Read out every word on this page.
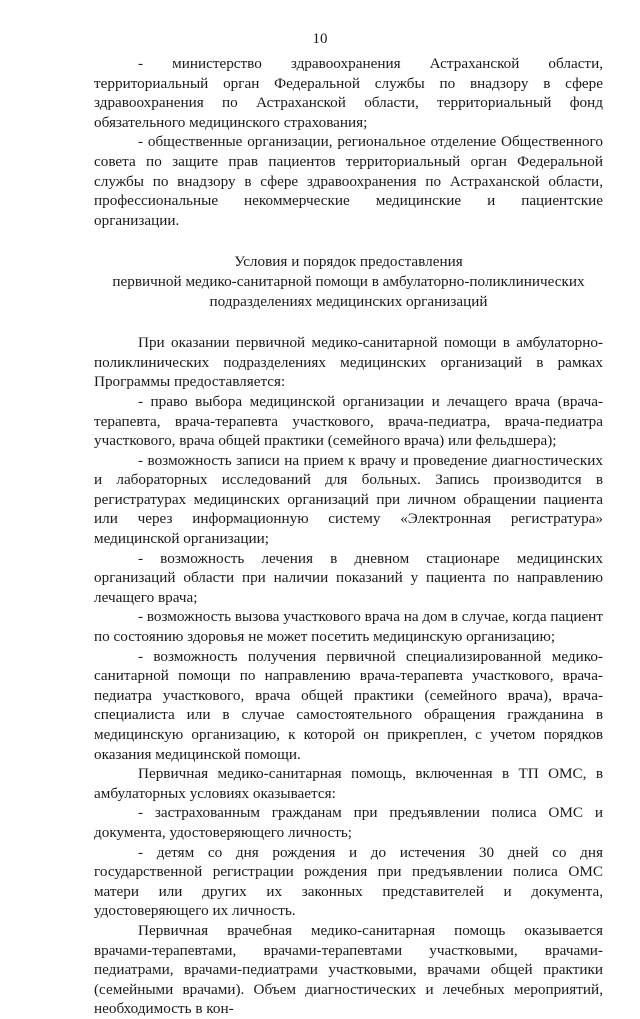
10

- министерство здравоохранения Астраханской области, территориальный орган Федеральной службы по внадзору в сфере здравоохранения по Астраханской области, территориальный фонд обязательного медицинского страхования;

- общественные организации, региональное отделение Общественного совета по защите прав пациентов территориальный орган Федеральной службы по внадзору в сфере здравоохранения по Астраханской области, профессиональные некоммерческие медицинские и пациентские организации.

Условия и порядок предоставления
первичной медико-санитарной помощи в амбулаторно-поликлинических
подразделениях медицинских организаций

При оказании первичной медико-санитарной помощи в амбулаторно-поликлинических подразделениях медицинских организаций в рамках Программы предоставляется:

- право выбора медицинской организации и лечащего врача (врача-терапевта, врача-терапевта участкового, врача-педиатра, врача-педиатра участкового, врача общей практики (семейного врача) или фельдшера);

- возможность записи на прием к врачу и проведение диагностических и лабораторных исследований для больных. Запись производится в регистратурах медицинских организаций при личном обращении пациента или через информационную систему «Электронная регистратура» медицинской организации;

- возможность лечения в дневном стационаре медицинских организаций области при наличии показаний у пациента по направлению лечащего врача;

- возможность вызова участкового врача на дом в случае, когда пациент по состоянию здоровья не может посетить медицинскую организацию;

- возможность получения первичной специализированной медико-санитарной помощи по направлению врача-терапевта участкового, врача-педиатра участкового, врача общей практики (семейного врача), врача-специалиста или в случае самостоятельного обращения гражданина в медицинскую организацию, к которой он прикреплен, с учетом порядков оказания медицинской помощи.

Первичная медико-санитарная помощь, включенная в ТП ОМС, в амбулаторных условиях оказывается:

- застрахованным гражданам при предъявлении полиса ОМС и документа, удостоверяющего личность;

- детям со дня рождения и до истечения 30 дней со дня государственной регистрации рождения при предъявлении полиса ОМС матери или других их законных представителей и документа, удостоверяющего их личность.

Первичная врачебная медико-санитарная помощь оказывается врачами-терапевтами, врачами-терапевтами участковыми, врачами-педиатрами, врачами-педиатрами участковыми, врачами общей практики (семейными врачами). Объем диагностических и лечебных мероприятий, необходимость в кон-
